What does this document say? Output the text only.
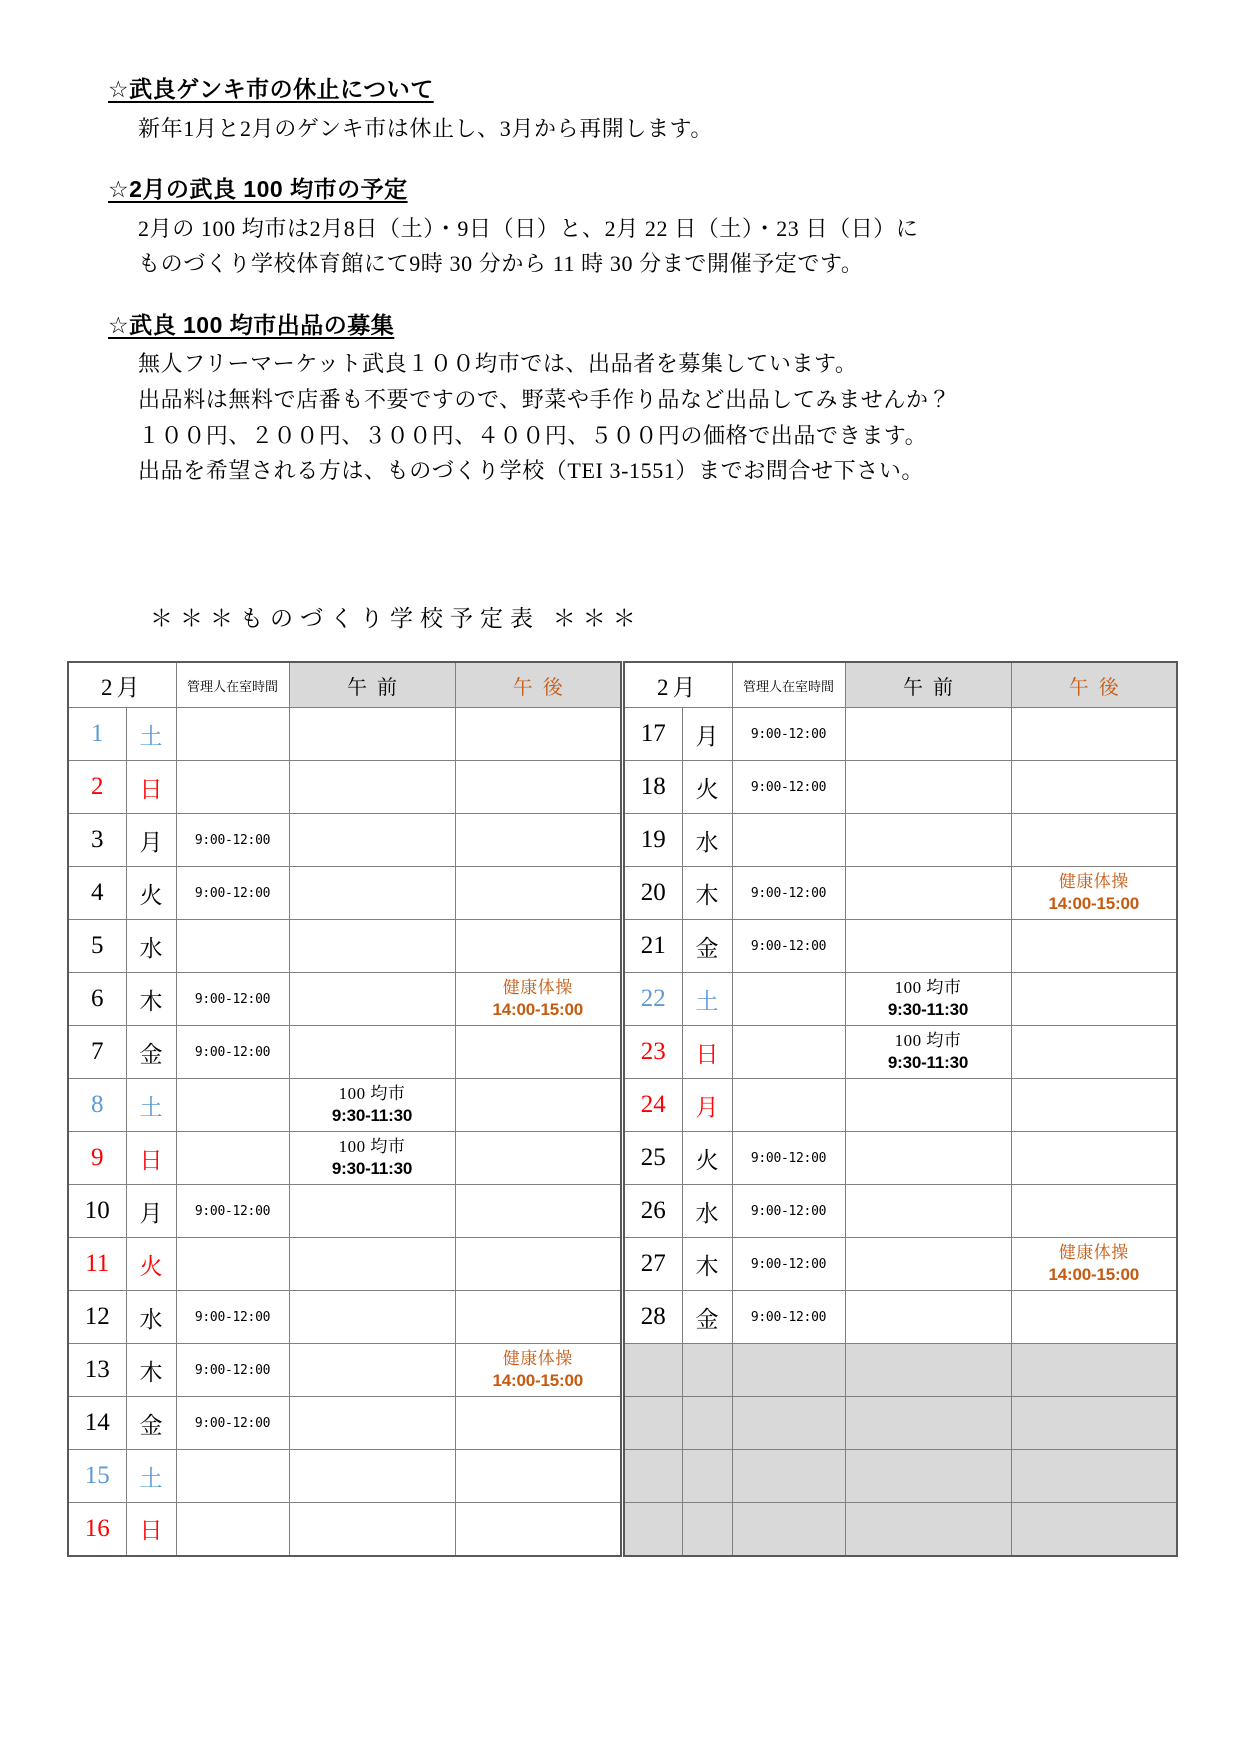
☆武良ゲンキ市の休止について
新年1月と2月のゲンキ市は休止し、3月から再開します。
☆2月の武良 100 均市の予定
2月の 100 均市は2月8日（土）・9日（日）と、2月 22 日（土）・23 日（日）に
ものづくり学校体育館にて9時 30 分から 11 時 30 分まで開催予定です。
☆武良 100 均市出品の募集
無人フリーマーケット武良１００均市では、出品者を募集しています。
出品料は無料で店番も不要ですので、野菜や手作り品など出品してみませんか？
１００円、２００円、３００円、４００円、５００円の価格で出品できます。
出品を希望される方は、ものづくり学校（TEI 3-1551）までお問合せ下さい。
＊＊＊ものづくり学校予定表 ＊＊＊
2月		管理人在室時間	午前	午後
1	土			
2	日			
3	月	9:00-12:00		
4	火	9:00-12:00		
5	水			
6	木	9:00-12:00		健康体操
14:00-15:00

7	金	9:00-12:00		
8	土		100 均市
9:30-11:30	

9	日		100 均市
9:30-11:30	

10	月	9:00-12:00		
11	火			
12	水	9:00-12:00		
13	木	9:00-12:00		健康体操
14:00-15:00

14	金	9:00-12:00		
15	土			
16	日			
2月		管理人在室時間	午前	午後
17	月	9:00-12:00		
18	火	9:00-12:00		
19	水			
20	木	9:00-12:00		健康体操
14:00-15:00

21	金	9:00-12:00		
22	土		100 均市
9:30-11:30	

23	日		100 均市
9:30-11:30	

24	月			
25	火	9:00-12:00		
26	水	9:00-12:00		
27	木	9:00-12:00		健康体操
14:00-15:00

28	金	9:00-12:00		
